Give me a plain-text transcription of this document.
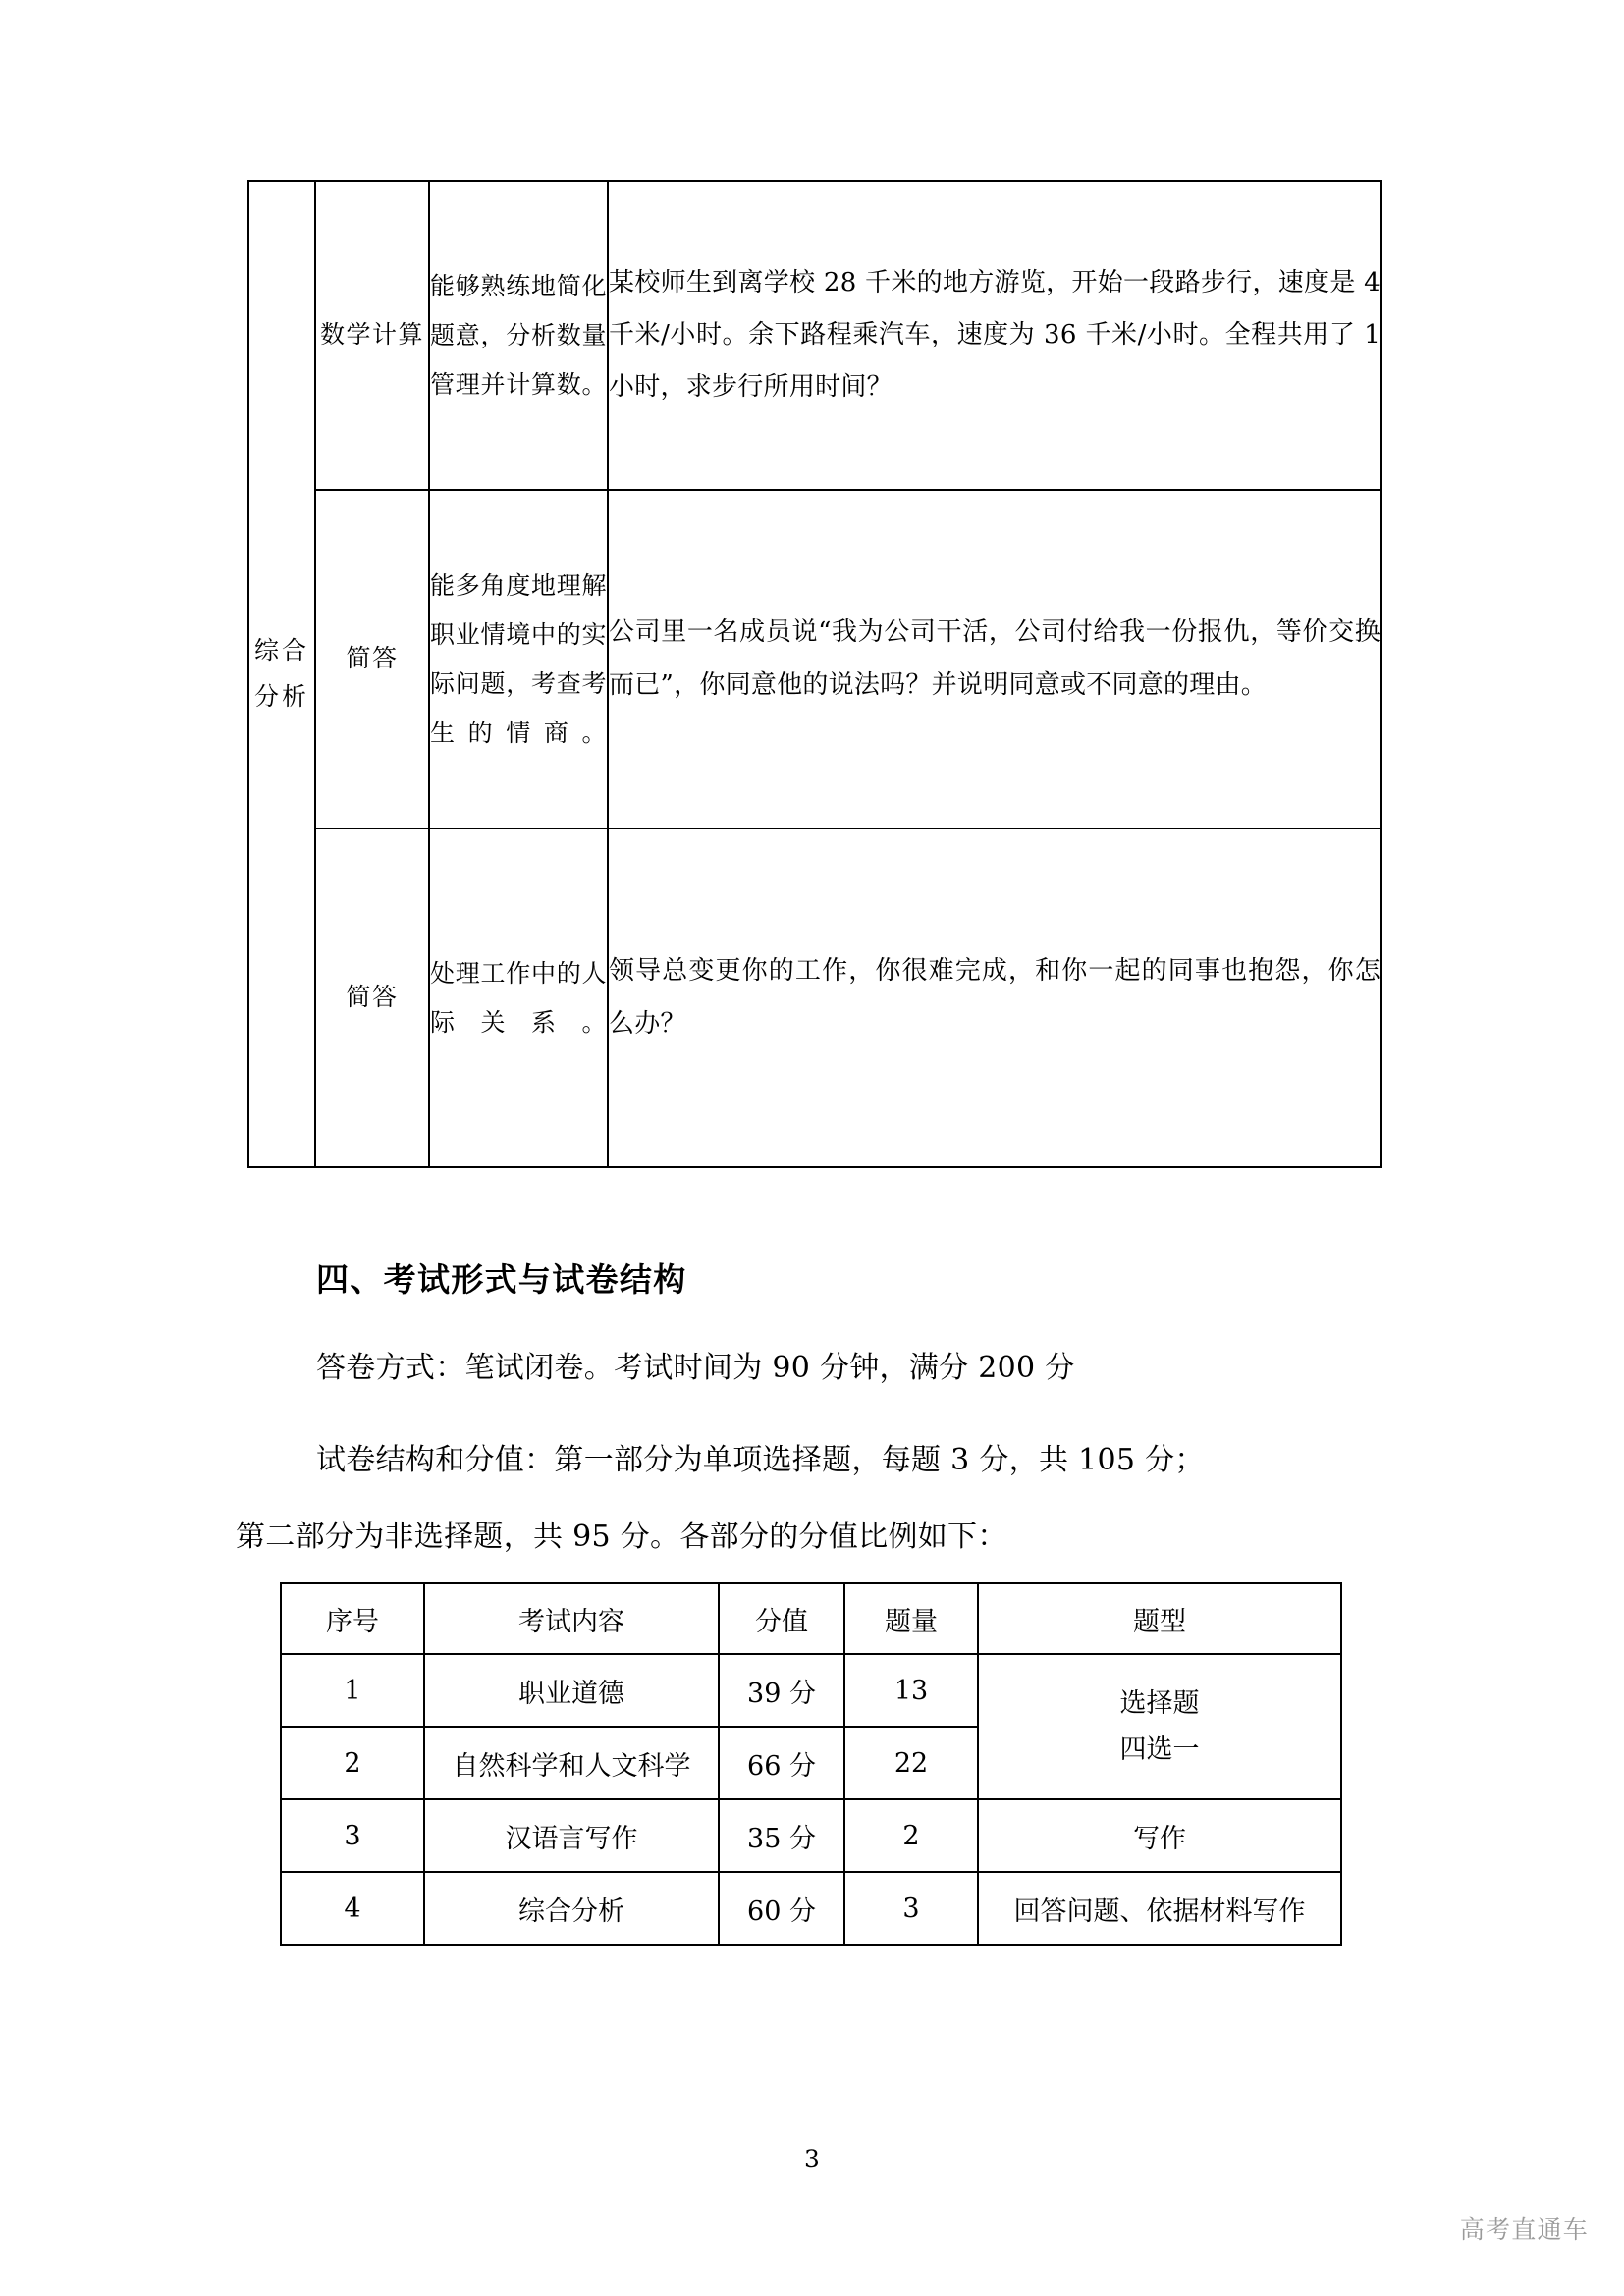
综合分析	数学计算	能够熟练地简化题意，分析数量管理并计算数。	某校师生到离学校 28 千米的地方游览，开始一段路步行，速度是 4 千米/小时。余下路程乘汽车，速度为 36 千米/小时。全程共用了 1 小时，求步行所用时间？
	简答	能多角度地理解职业情境中的实际问题，考查考生的情商。	公司里一名成员说“我为公司干活，公司付给我一份报仇，等价交换而已”，你同意他的说法吗？并说明同意或不同意的理由。
	简答	处理工作中的人际关系。	领导总变更你的工作，你很难完成，和你一起的同事也抱怨，你怎么办？
四、考试形式与试卷结构
答卷方式：笔试闭卷。考试时间为 90 分钟，满分 200 分
试卷结构和分值：第一部分为单项选择题，每题 3 分，共 105 分；
第二部分为非选择题，共 95 分。各部分的分值比例如下：
序号	考试内容	分值	题量	题型
1	职业道德	39 分	13	选择题
四选一

2	自然科学和人文科学	66 分	22	
3	汉语言写作	35 分	2	写作
4	综合分析	60 分	3	回答问题、依据材料写作
3
高考直通车
